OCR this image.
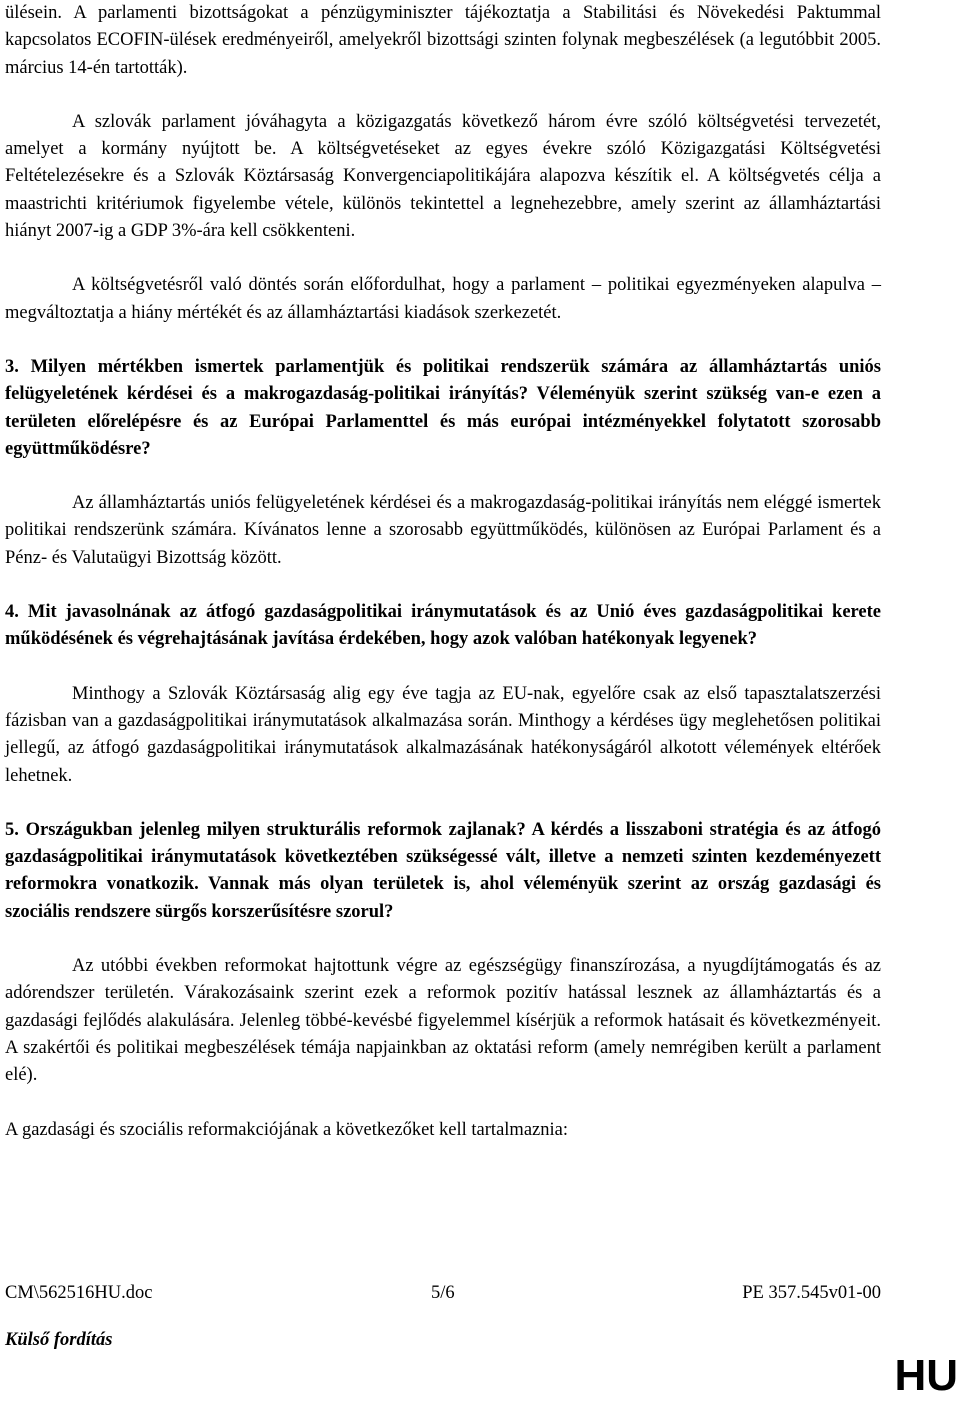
ülésein. A parlamenti bizottságokat a pénzügyminiszter tájékoztatja a Stabilitási és Növekedési Paktummal kapcsolatos ECOFIN-ülések eredményeiről, amelyekről bizottsági szinten folynak megbeszélések (a legutóbbit 2005. március 14-én tartották).

A szlovák parlament jóváhagyta a közigazgatás következő három évre szóló költségvetési tervezetét, amelyet a kormány nyújtott be. A költségvetéseket az egyes évekre szóló Közigazgatási Költségvetési Feltételezésekre és a Szlovák Köztársaság Konvergenciapolitikájára alapozva készítik el. A költségvetés célja a maastrichti kritériumok figyelembe vétele, különös tekintettel a legnehezebbre, amely szerint az államháztartási hiányt 2007-ig a GDP 3%-ára kell csökkenteni.

A költségvetésről való döntés során előfordulhat, hogy a parlament – politikai egyezményeken alapulva – megváltoztatja a hiány mértékét és az államháztartási kiadások szerkezetét.

3. Milyen mértékben ismertek parlamentjük és politikai rendszerük számára az államháztartás uniós felügyeletének kérdései és a makrogazdaság-politikai irányítás? Véleményük szerint szükség van-e ezen a területen előrelépésre és az Európai Parlamenttel és más európai intézményekkel folytatott szorosabb együttműködésre?

Az államháztartás uniós felügyeletének kérdései és a makrogazdaság-politikai irányítás nem eléggé ismertek politikai rendszerünk számára. Kívánatos lenne a szorosabb együttműködés, különösen az Európai Parlament és a Pénz- és Valutaügyi Bizottság között.

4. Mit javasolnának az átfogó gazdaságpolitikai iránymutatások és az Unió éves gazdaságpolitikai kerete működésének és végrehajtásának javítása érdekében, hogy azok valóban hatékonyak legyenek?

Minthogy a Szlovák Köztársaság alig egy éve tagja az EU-nak, egyelőre csak az első tapasztalatszerzési fázisban van a gazdaságpolitikai iránymutatások alkalmazása során. Minthogy a kérdéses ügy meglehetősen politikai jellegű, az átfogó gazdaságpolitikai iránymutatások alkalmazásának hatékonyságáról alkotott vélemények eltérőek lehetnek.

5. Országukban jelenleg milyen strukturális reformok zajlanak? A kérdés a lisszaboni stratégia és az átfogó gazdaságpolitikai iránymutatások következtében szükségessé vált, illetve a nemzeti szinten kezdeményezett reformokra vonatkozik. Vannak más olyan területek is, ahol véleményük szerint az ország gazdasági és szociális rendszere sürgős korszerűsítésre szorul?

Az utóbbi években reformokat hajtottunk végre az egészségügy finanszírozása, a nyugdíjtámogatás és az adórendszer területén. Várakozásaink szerint ezek a reformok pozitív hatással lesznek az államháztartás és a gazdasági fejlődés alakulására. Jelenleg többé-kevésbé figyelemmel kísérjük a reformok hatásait és következményeit. A szakértői és politikai megbeszélések témája napjainkban az oktatási reform (amely nemrégiben került a parlament elé).

A gazdasági és szociális reformakciójának a következőket kell tartalmaznia:

CM\562516HU.doc	5/6	PE 357.545v01-00
Külső fordítás
HU
